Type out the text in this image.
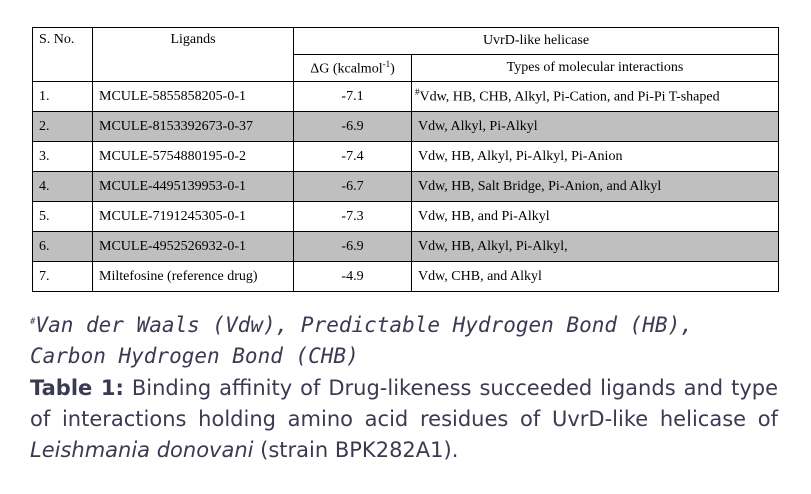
S. No.	Ligands	UvrD-like helicase	
		ΔG (kcalmol$^{-1}$)	Types of molecular interactions
1.	MCULE-5855858205-0-1	-7.1	#Vdw, HB, CHB, Alkyl, Pi-Cation, and Pi-Pi T-shaped
2.	MCULE-8153392673-0-37	-6.9	Vdw, Alkyl, Pi-Alkyl
3.	MCULE-5754880195-0-2	-7.4	Vdw, HB, Alkyl, Pi-Alkyl, Pi-Anion
4.	MCULE-4495139953-0-1	-6.7	Vdw, HB, Salt Bridge, Pi-Anion, and Alkyl
5.	MCULE-7191245305-0-1	-7.3	Vdw, HB, and Pi-Alkyl
6.	MCULE-4952526932-0-1	-6.9	Vdw, HB, Alkyl, Pi-Alkyl,
7.	Miltefosine (reference drug)	-4.9	Vdw, CHB, and Alkyl
#Van der Waals (Vdw), Predictable Hydrogen Bond (HB), Carbon Hydrogen Bond (CHB)
Table 1: Binding affinity of Drug-likeness succeeded ligands and type of interactions holding amino acid residues of UvrD-like helicase of Leishmania donovani (strain BPK282A1).
